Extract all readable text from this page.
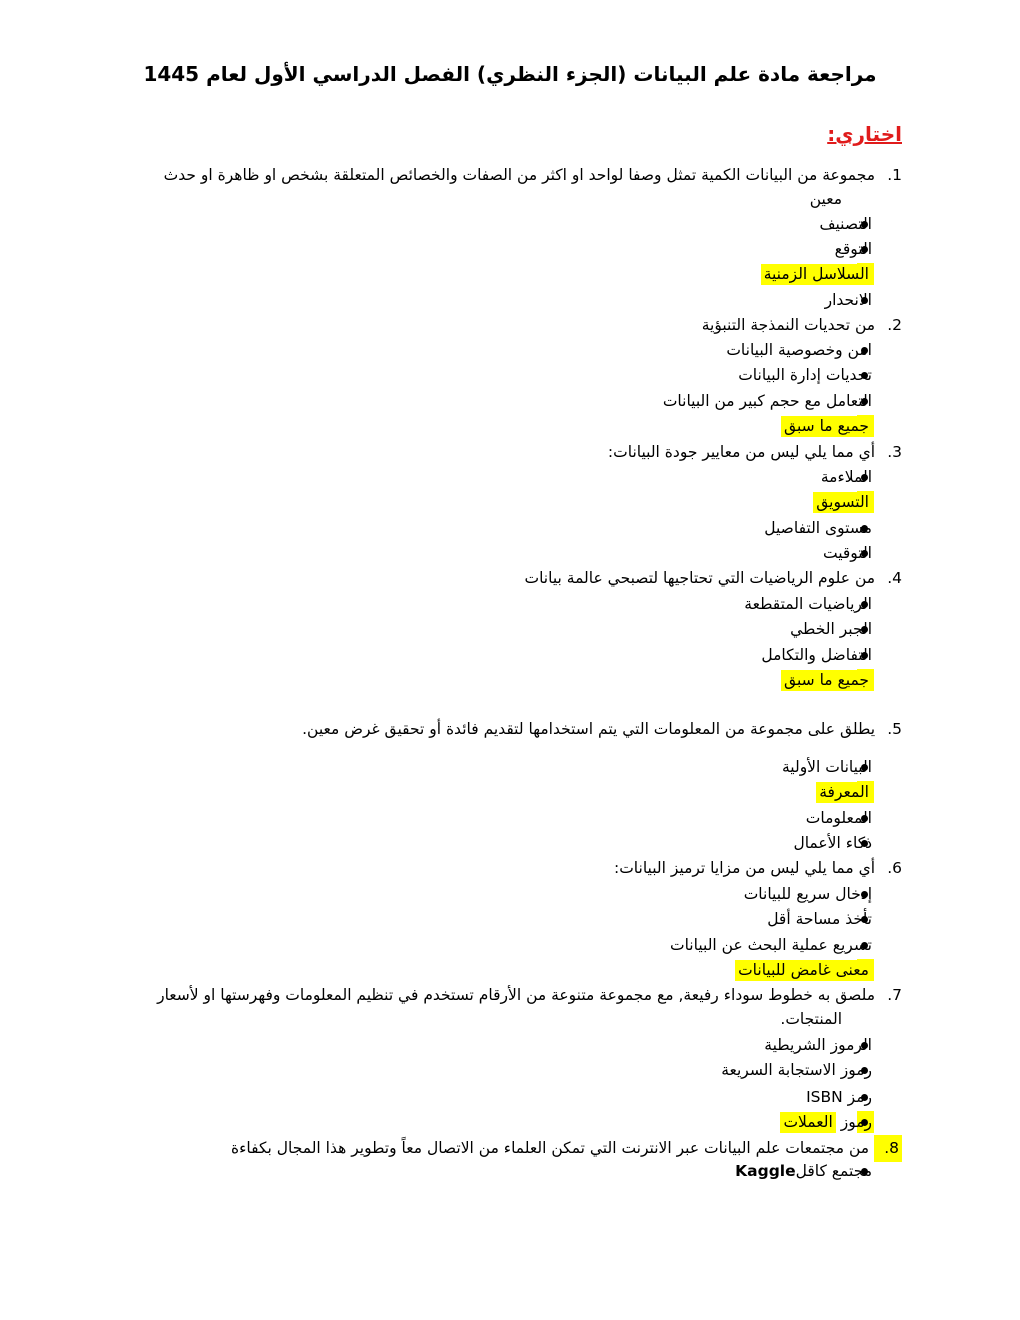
مراجعة مادة علم البيانات (الجزء النظري) الفصل الدراسي الأول لعام 1445
اختاري:
1. مجموعة من البيانات الكمية تمثل وصفا لواحد او اكثر من الصفات والخصائص المتعلقة بشخص او ظاهرة او حدث
معين
التصنيف
التوقع
السلاسل الزمنية
الانحدار
2. من تحديات النمذجة التنبؤية
امن وخصوصية البيانات
تحديات إدارة البيانات
التعامل مع حجم كبير من البيانات
جميع ما سبق
3. أي مما يلي ليس من معايير جودة البيانات:
الملاءمة
التسويق
مستوى التفاصيل
التوقيت
4. من علوم الرياضيات التي تحتاجيها لتصبحي عالمة بيانات
الرياضيات المتقطعة
الجبر الخطي
التفاضل والتكامل
جميع ما سبق
5. يطلق على مجموعة من المعلومات التي يتم استخدامها لتقديم فائدة أو تحقيق غرض معين.
البيانات الأولية
المعرفة
المعلومات
ذكاء الأعمال
6. أي مما يلي ليس من مزايا ترميز البيانات:
إدخال سريع للبيانات
تأخذ مساحة أقل
تسريع عملية البحث عن البيانات
معنى غامض للبيانات
7. ملصق به خطوط سوداء رفيعة, مع مجموعة متنوعة من الأرقام تستخدم في تنظيم المعلومات وفهرستها او لأسعار
المنتجات.
الرموز الشريطية
رموز الاستجابة السريعة
رمز ISBN
رموز العملات
8. من مجتمعات علم البيانات عبر الانترنت التي تمكن العلماء من الاتصال معاً وتطوير هذا المجال بكفاءة
مجتمع كاقلKaggle
